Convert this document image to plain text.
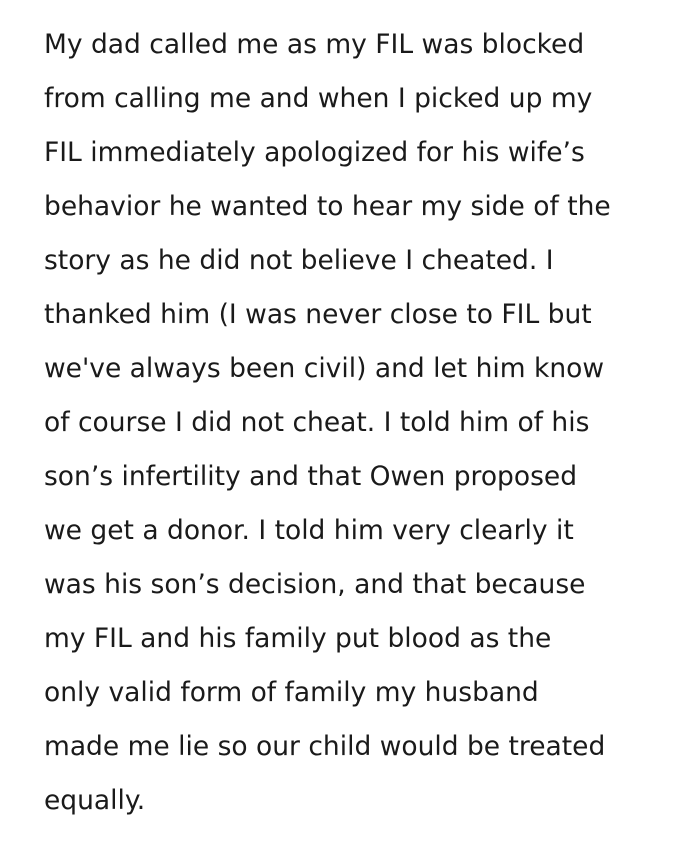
My dad called me as my FIL was blocked
from calling me and when I picked up my
FIL immediately apologized for his wife’s
behavior he wanted to hear my side of the
story as he did not believe I cheated. I
thanked him (I was never close to FIL but
we've always been civil) and let him know
of course I did not cheat. I told him of his
son’s infertility and that Owen proposed
we get a donor. I told him very clearly it
was his son’s decision, and that because
my FIL and his family put blood as the
only valid form of family my husband
made me lie so our child would be treated
equally.
